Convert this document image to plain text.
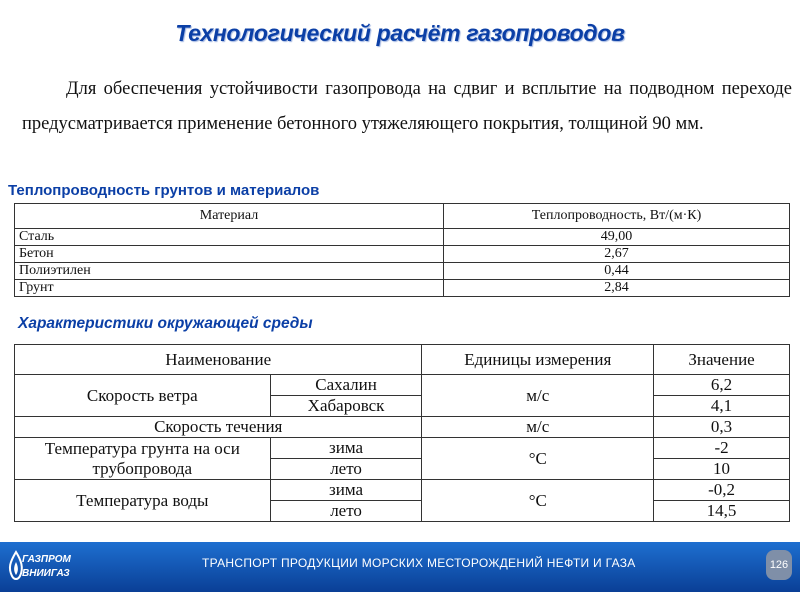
Технологический расчёт газопроводов

Для обеспечения устойчивости газопровода на сдвиг и всплытие на подводном переходе предусматривается применение бетонного утяжеляющего покрытия, толщиной 90 мм.

Теплопроводность грунтов и материалов
Материал	Теплопроводность, Вт/(м·К)
Сталь	49,00
Бетон	2,67
Полиэтилен	0,44
Грунт	2,84
Характеристики окружающей среды
Наименование		Единицы измерения	Значение
Скорость ветра	Сахалин	м/с	6,2
	Хабаровск		4,1
Скорость течения		м/с	0,3
Температура грунта на оси трубопровода	зима	°С	-2
	лето		10
Температура воды	зима	°С	-0,2
	лето		14,5
ГАЗПРОМ
ВНИИГАЗ
ТРАНСПОРТ ПРОДУКЦИИ МОРСКИХ МЕСТОРОЖДЕНИЙ НЕФТИ И ГАЗА	126
